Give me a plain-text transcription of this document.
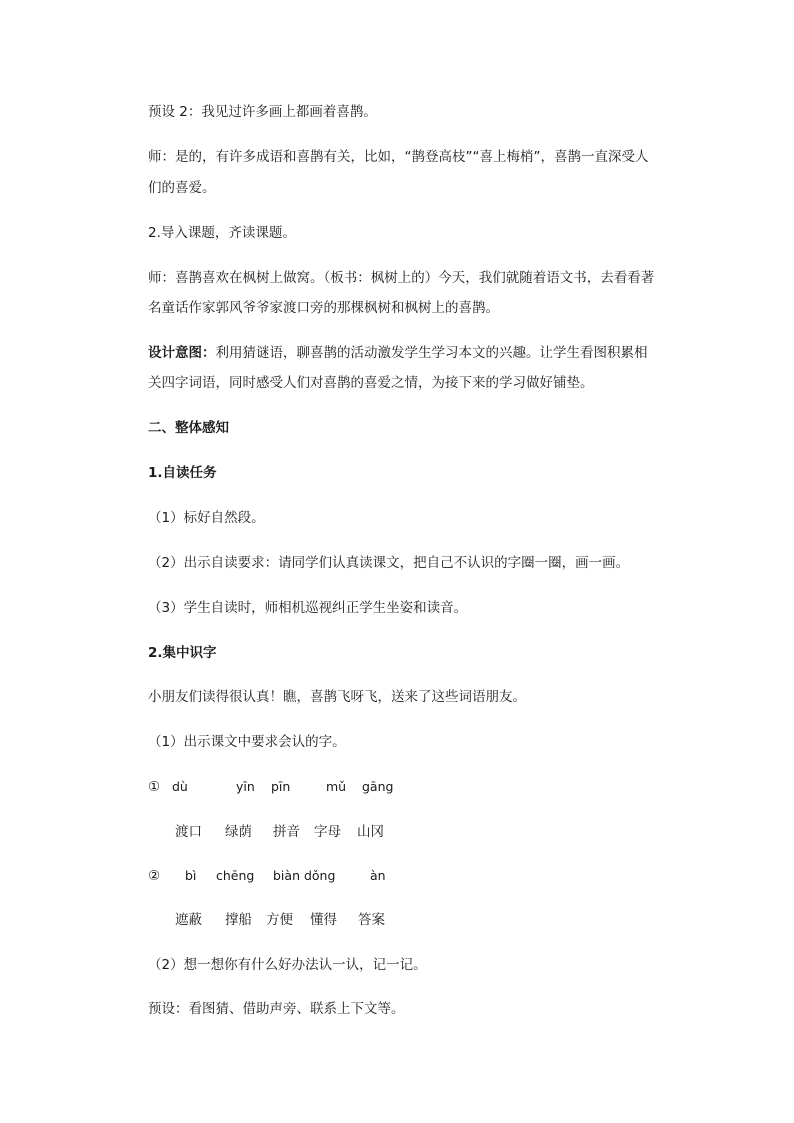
预设 2：我见过许多画上都画着喜鹊。

师：是的，有许多成语和喜鹊有关，比如，“鹊登高枝”“喜上梅梢”，喜鹊一直深受人

们的喜爱。

2.导入课题，齐读课题。

师：喜鹊喜欢在枫树上做窝。（板书：枫树上的）今天，我们就随着语文书，去看看著

名童话作家郭风爷爷家渡口旁的那棵枫树和枫树上的喜鹊。

设计意图：利用猜谜语，聊喜鹊的活动激发学生学习本文的兴趣。让学生看图积累相

关四字词语，同时感受人们对喜鹊的喜爱之情，为接下来的学习做好铺垫。

二、整体感知

1.自读任务

（1）标好自然段。

（2）出示自读要求：请同学们认真读课文，把自己不认识的字圈一圈，画一画。

（3）学生自读时，师相机巡视纠正学生坐姿和读音。

2.集中识字

小朋友们读得很认真！瞧，喜鹊飞呀飞，送来了这些词语朋友。

（1）出示课文中要求会认的字。

① dù	yīn pīn	mǔ gāng
渡口 绿荫 拼音 字母 山冈
② bì chēng biàn dǒng	àn
遮蔽 撑船 方便 懂得 答案

（2）想一想你有什么好办法认一认，记一记。

预设：看图猜、借助声旁、联系上下文等。
